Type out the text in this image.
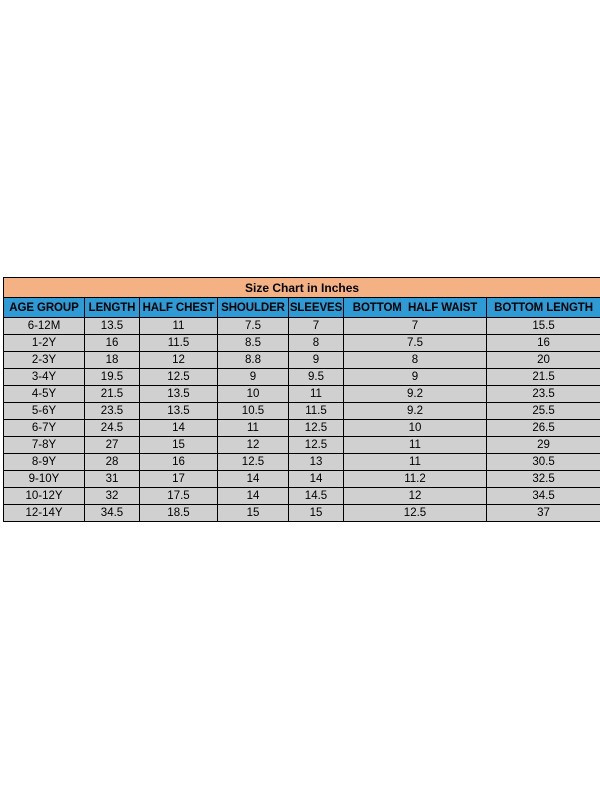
Size Chart in Inches						
AGE GROUP	LENGTH	HALF CHEST	SHOULDER	SLEEVES	BOTTOM  HALF WAIST	BOTTOM LENGTH
6-12M	13.5	11	7.5	7	7	15.5
1-2Y	16	11.5	8.5	8	7.5	16
2-3Y	18	12	8.8	9	8	20
3-4Y	19.5	12.5	9	9.5	9	21.5
4-5Y	21.5	13.5	10	11	9.2	23.5
5-6Y	23.5	13.5	10.5	11.5	9.2	25.5
6-7Y	24.5	14	11	12.5	10	26.5
7-8Y	27	15	12	12.5	11	29
8-9Y	28	16	12.5	13	11	30.5
9-10Y	31	17	14	14	11.2	32.5
10-12Y	32	17.5	14	14.5	12	34.5
12-14Y	34.5	18.5	15	15	12.5	37
